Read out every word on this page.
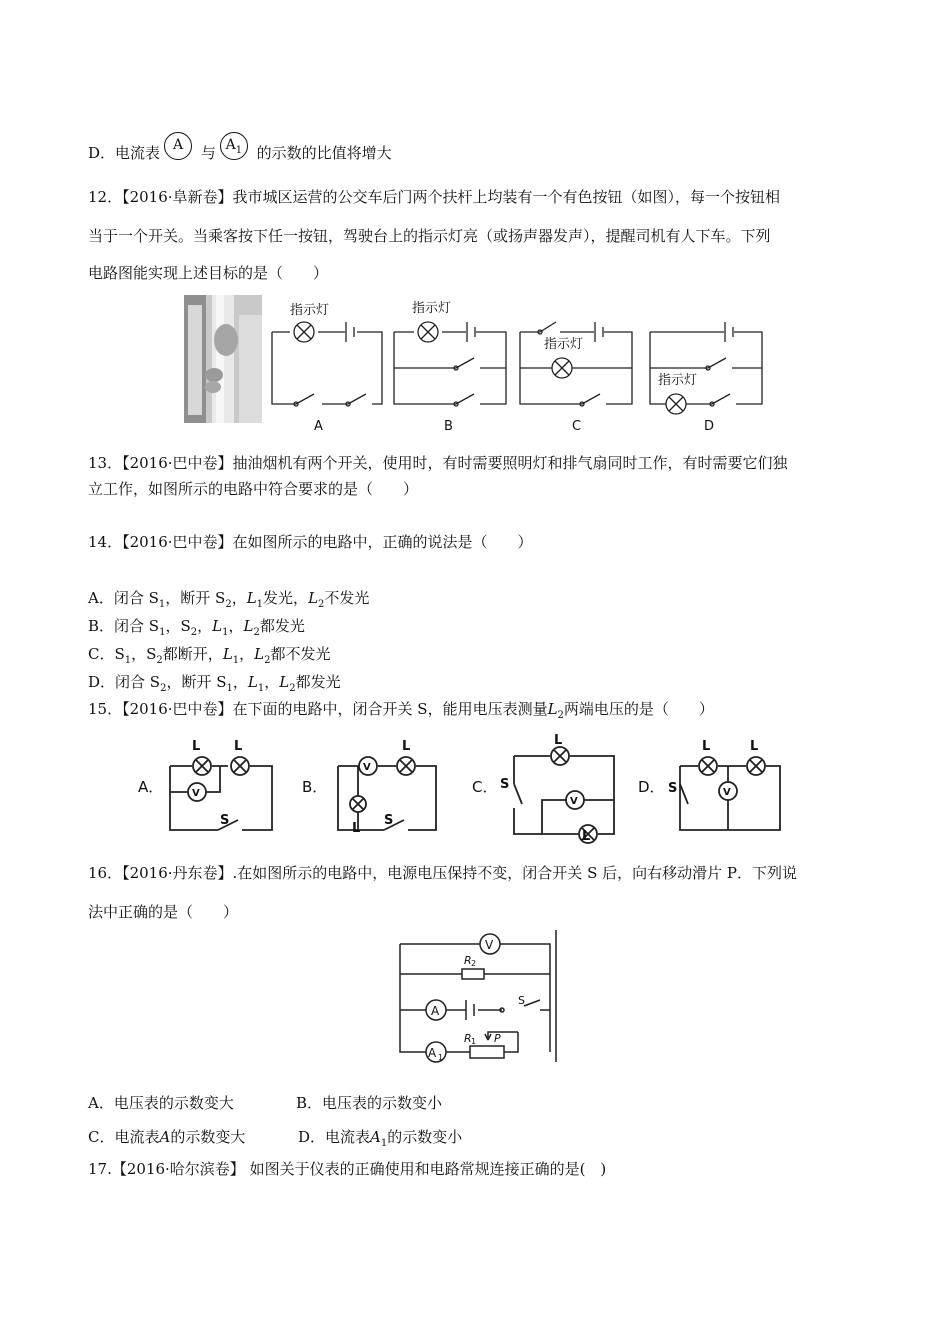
D．电流表 A 与 $A_1$ 的示数的比值将增大
12．【2016·阜新卷】我市城区运营的公交车后门两个扶杆上均装有一个有色按钮（如图），每一个按钮相
当于一个开关。当乘客按下任一按钮，驾驶台上的指示灯亮（或扬声器发声），提醒司机有人下车。下列
电路图能实现上述目标的是（　　）
指示灯	指示灯
指示灯
指示灯
A	B	C	D
13．【2016·巴中卷】抽油烟机有两个开关，使用时，有时需要照明灯和排气扇同时工作，有时需要它们独
立工作，如图所示的电路中符合要求的是（　　）
14．【2016·巴中卷】在如图所示的电路中，正确的说法是（　　）
A．闭合 $S_1$，断开 $S_2$，$L_1$发光，$L_2$不发光
B．闭合 $S_1$，$S_2$，$L_1$，$L_2$都发光
C．$S_1$，$S_2$都断开，$L_1$，$L_2$都不发光
D．闭合 $S_2$，断开 $S_1$，$L_1$，$L_2$都发光
15．【2016·巴中卷】在下面的电路中，闭合开关 S，能用电压表测量$L_2$两端电压的是（　　）
V
V
V
V
L	L
S
L
L
S
L
S
L
L	L
S
A．	B．	C．	D．
16．【2016·丹东卷】.在如图所示的电路中，电源电压保持不变，闭合开关 S 后，向右移动滑片 P．下列说
法中正确的是（　　）
V
A
A 1
R 2
R 1 P
S
A．电压表的示数变大	B．电压表的示数变小
C．电流表A的示数变大	D．电流表$A_1$的示数变小
17.【2016·哈尔滨卷】 如图关于仪表的正确使用和电路常规连接正确的是(　)
